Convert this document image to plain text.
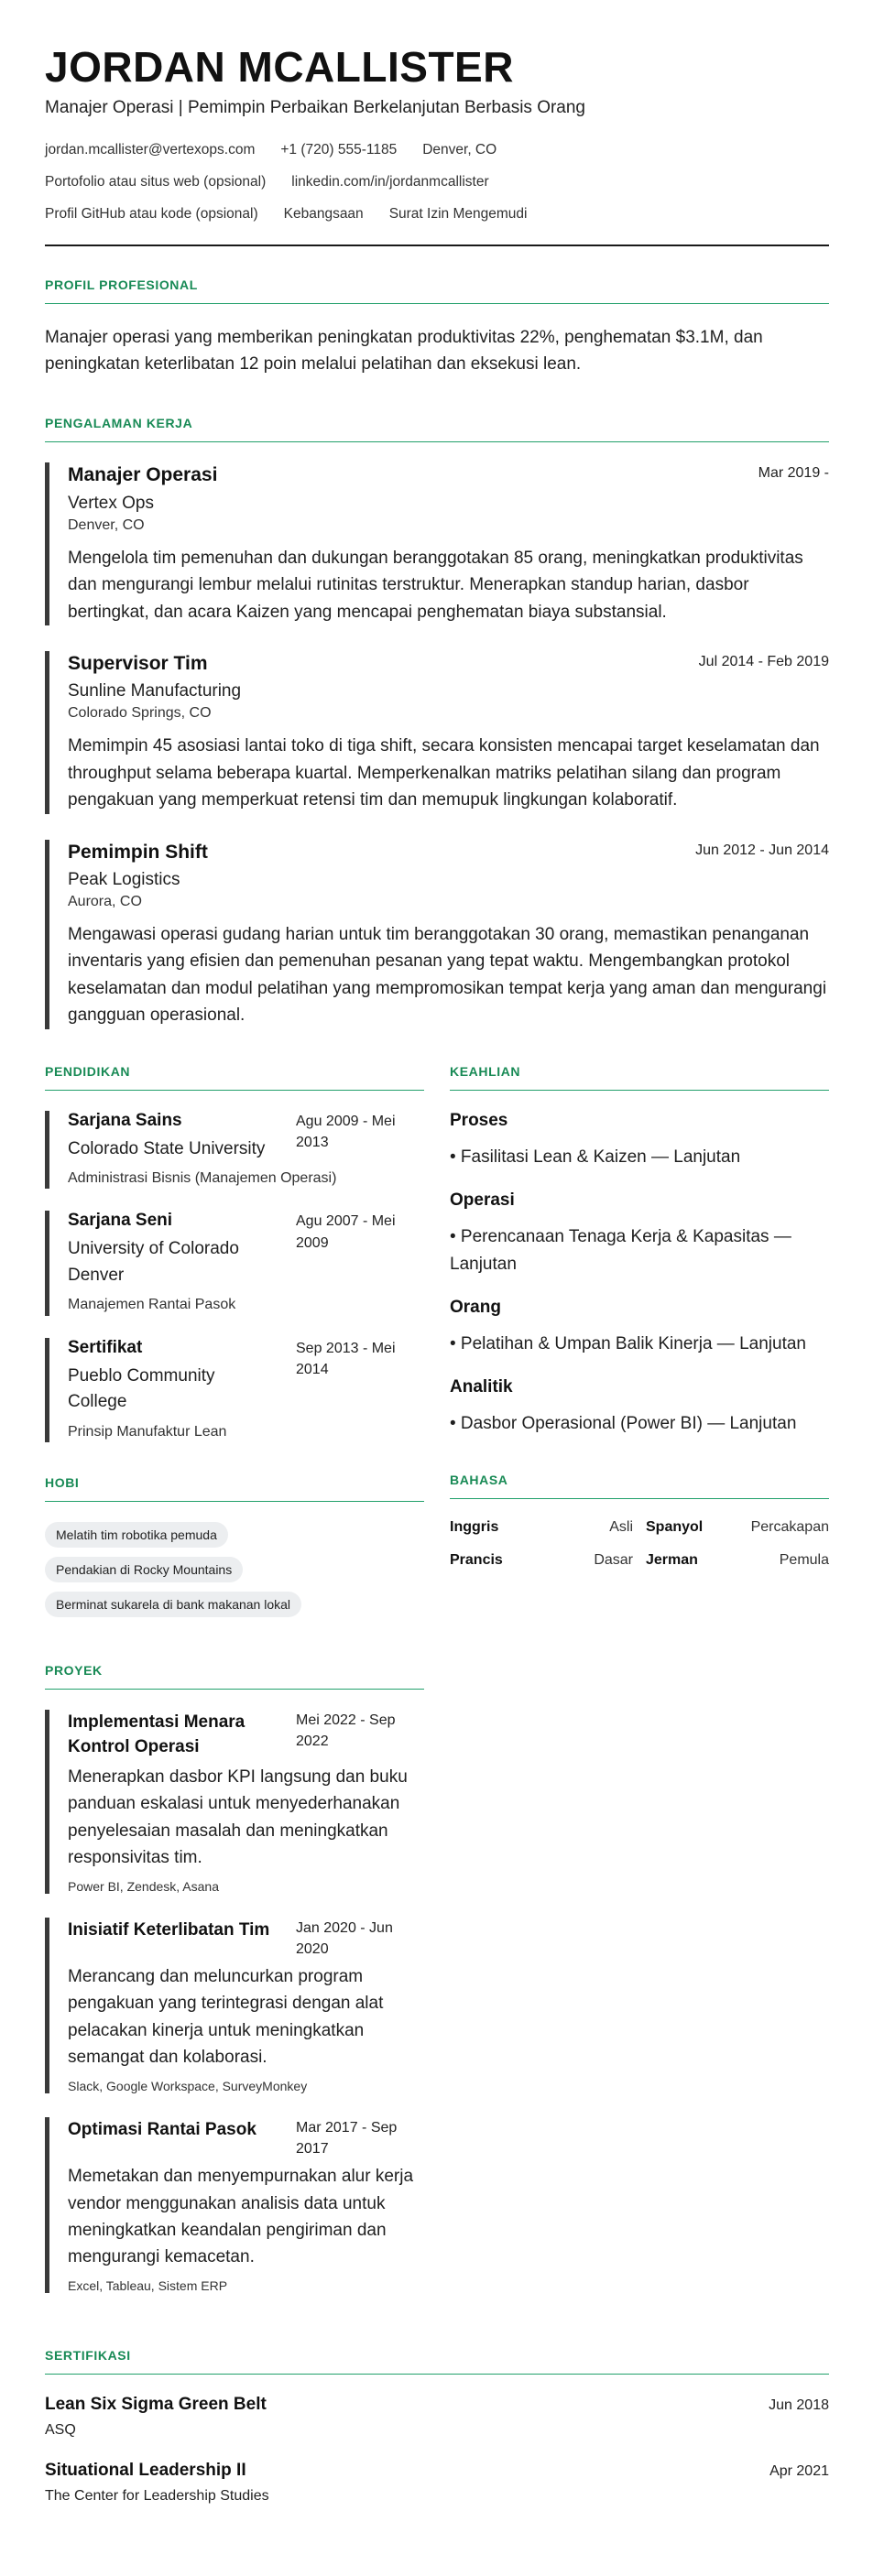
JORDAN MCALLISTER
Manajer Operasi | Pemimpin Perbaikan Berkelanjutan Berbasis Orang
jordan.mcallister@vertexops.com +1 (720) 555-1185 Denver, CO
Portofolio atau situs web (opsional) linkedin.com/in/jordanmcallister
Profil GitHub atau kode (opsional) Kebangsaan Surat Izin Mengemudi
PROFIL PROFESIONAL

Manajer operasi yang memberikan peningkatan produktivitas 22%, penghematan $3.1M, dan peningkatan keterlibatan 12 poin melalui pelatihan dan eksekusi lean.

PENGALAMAN KERJA
Manajer Operasi	Mar 2019 -
Vertex Ops
Denver, CO

Mengelola tim pemenuhan dan dukungan beranggotakan 85 orang, meningkatkan produktivitas dan mengurangi lembur melalui rutinitas terstruktur. Menerapkan standup harian, dasbor bertingkat, dan acara Kaizen yang mencapai penghematan biaya substansial.

Supervisor Tim	Jul 2014 - Feb 2019
Sunline Manufacturing
Colorado Springs, CO

Memimpin 45 asosiasi lantai toko di tiga shift, secara konsisten mencapai target keselamatan dan throughput selama beberapa kuartal. Memperkenalkan matriks pelatihan silang dan program pengakuan yang memperkuat retensi tim dan memupuk lingkungan kolaboratif.

Pemimpin Shift	Jun 2012 - Jun 2014
Peak Logistics
Aurora, CO

Mengawasi operasi gudang harian untuk tim beranggotakan 30 orang, memastikan penanganan inventaris yang efisien dan pemenuhan pesanan yang tepat waktu. Mengembangkan protokol keselamatan dan modul pelatihan yang mempromosikan tempat kerja yang aman dan mengurangi gangguan operasional.

PENDIDIKAN
Sarjana Sains
Colorado State University
Agu 2009 - Mei 2013
Administrasi Bisnis (Manajemen Operasi)
Sarjana Seni
University of Colorado Denver
Agu 2007 - Mei 2009
Manajemen Rantai Pasok
Sertifikat
Pueblo Community College
Sep 2013 - Mei 2014
Prinsip Manufaktur Lean
HOBI
Melatih tim robotika pemuda
Pendakian di Rocky Mountains
Berminat sukarela di bank makanan lokal
PROYEK
Implementasi Menara Kontrol Operasi
Mei 2022 - Sep 2022

Menerapkan dasbor KPI langsung dan buku panduan eskalasi untuk menyederhanakan penyelesaian masalah dan meningkatkan responsivitas tim.

Power BI, Zendesk, Asana
Inisiatif Keterlibatan Tim	Jan 2020 - Jun 2020

Merancang dan meluncurkan program pengakuan yang terintegrasi dengan alat pelacakan kinerja untuk meningkatkan semangat dan kolaborasi.

Slack, Google Workspace, SurveyMonkey
Optimasi Rantai Pasok	Mar 2017 - Sep 2017

Memetakan dan menyempurnakan alur kerja vendor menggunakan analisis data untuk meningkatkan keandalan pengiriman dan mengurangi kemacetan.

Excel, Tableau, Sistem ERP
KEAHLIAN
Proses
• Fasilitasi Lean & Kaizen — Lanjutan
Operasi
• Perencanaan Tenaga Kerja & Kapasitas — Lanjutan
Orang
• Pelatihan & Umpan Balik Kinerja — Lanjutan
Analitik
• Dasbor Operasional (Power BI) — Lanjutan
BAHASA
Inggris	Asli Spanyol	Percakapan
Prancis	Dasar Jerman	Pemula
SERTIFIKASI
Lean Six Sigma Green Belt
ASQ
Jun 2018
Situational Leadership II
The Center for Leadership Studies
Apr 2021
